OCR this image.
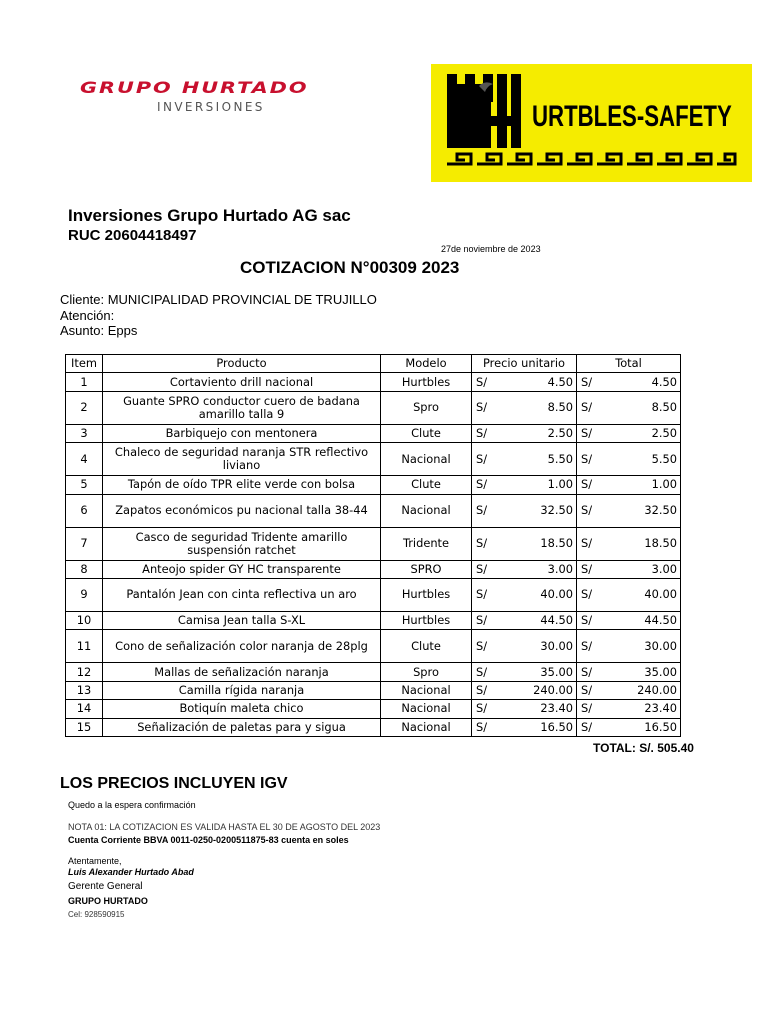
GRUPO HURTADO
INVERSIONES	URTBLES-SAFETY
Inversiones Grupo Hurtado AG sac
RUC 20604418497
27de noviembre de 2023
COTIZACION N°00309 2023
Cliente: MUNICIPALIDAD PROVINCIAL DE TRUJILLO
Atención:
Asunto: Epps
Item	Producto	Modelo	Precio unitario	Total
1	Cortaviento drill nacional	Hurtbles	S/ 4.50	S/ 4.50

2	Guante SPRO conductor cuero de badana amarillo talla 9	Spro	S/ 8.50	S/ 8.50

3	Barbiquejo con mentonera	Clute	S/ 2.50	S/ 2.50

4	Chaleco de seguridad naranja STR reflectivo liviano	Nacional	S/ 5.50	S/ 5.50

5	Tapón de oído TPR elite verde con bolsa	Clute	S/ 1.00	S/ 1.00

6	Zapatos económicos pu nacional talla 38-44	Nacional	S/ 32.50	S/ 32.50

7	Casco de seguridad Tridente amarillo suspensión ratchet	Tridente	S/ 18.50	S/ 18.50

8	Anteojo spider GY HC transparente	SPRO	S/ 3.00	S/ 3.00

9	Pantalón Jean con cinta reflectiva un aro	Hurtbles	S/ 40.00	S/ 40.00

10	Camisa Jean talla S-XL	Hurtbles	S/ 44.50	S/ 44.50

11	Cono de señalización color naranja de 28plg	Clute	S/ 30.00	S/ 30.00

12	Mallas de señalización naranja	Spro	S/ 35.00	S/ 35.00

13	Camilla rígida naranja	Nacional	S/ 240.00	S/ 240.00

14	Botiquín maleta chico	Nacional	S/ 23.40	S/ 23.40

15	Señalización de paletas para y sigua	Nacional	S/ 16.50	S/ 16.50
TOTAL: S/. 505.40
LOS PRECIOS INCLUYEN IGV
Quedo a la espera confirmación
NOTA 01: LA COTIZACION ES VALIDA HASTA EL 30 DE AGOSTO DEL 2023
Cuenta Corriente BBVA 0011-0250-0200511875-83 cuenta en soles
Atentamente,
Luis Alexander Hurtado Abad
Gerente General
GRUPO HURTADO
Cel: 928590915
